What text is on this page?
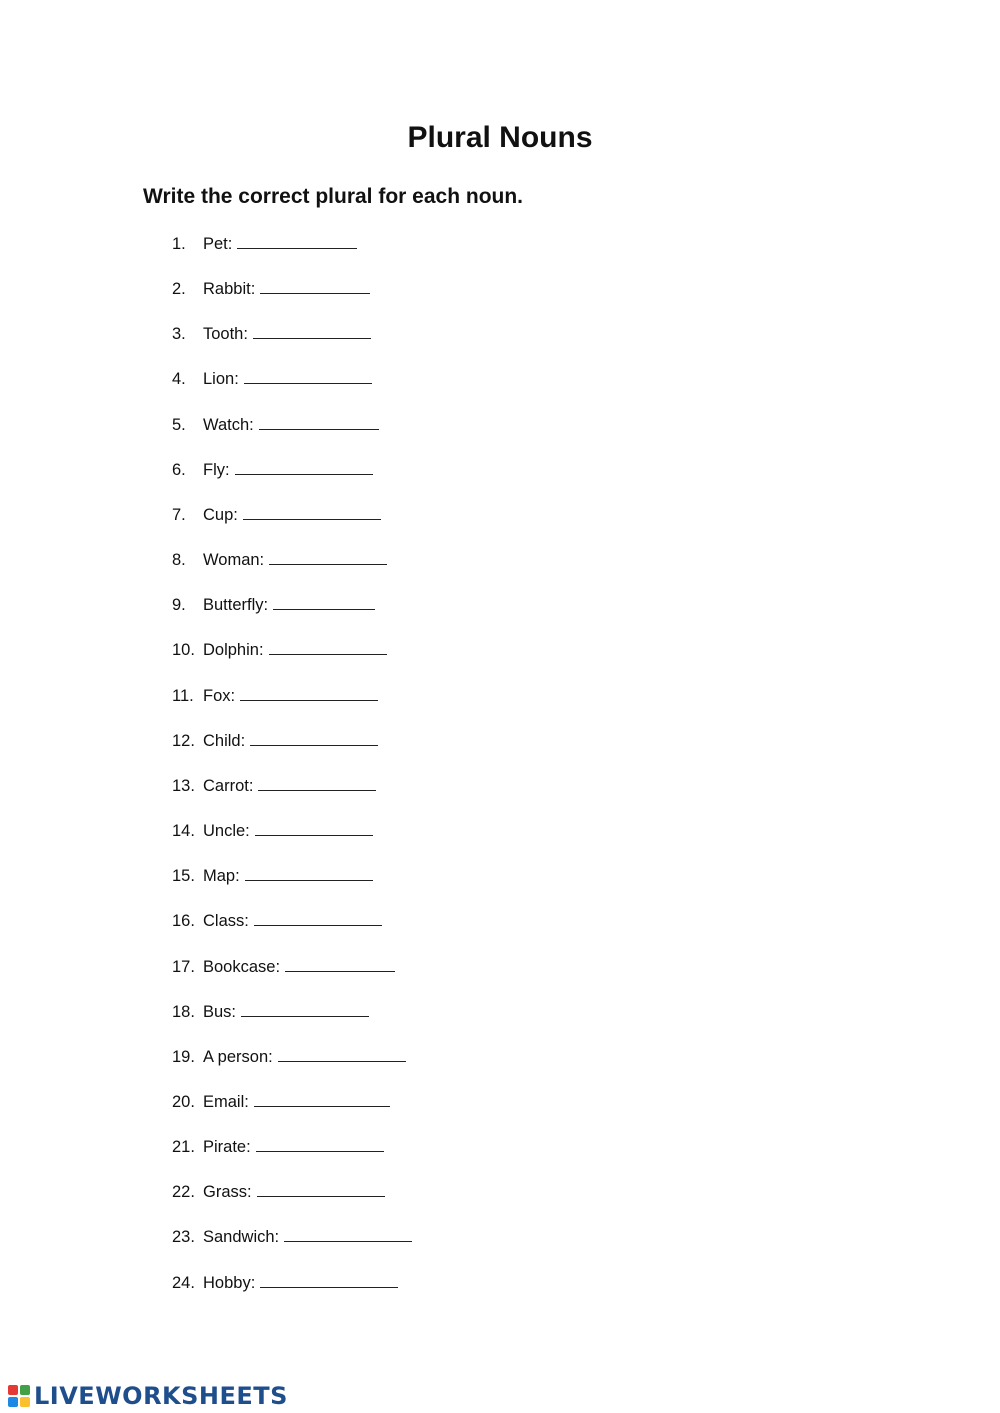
Plural Nouns
Write the correct plural for each noun.
1. Pet:
2. Rabbit:
3. Tooth:
4. Lion:
5. Watch:
6. Fly:
7. Cup:
8. Woman:
9. Butterfly:
10. Dolphin:
11. Fox:
12. Child:
13. Carrot:
14. Uncle:
15. Map:
16. Class:
17. Bookcase:
18. Bus:
19. A person:
20. Email:
21. Pirate:
22. Grass:
23. Sandwich:
24. Hobby:
LIVEWORKSHEETS
